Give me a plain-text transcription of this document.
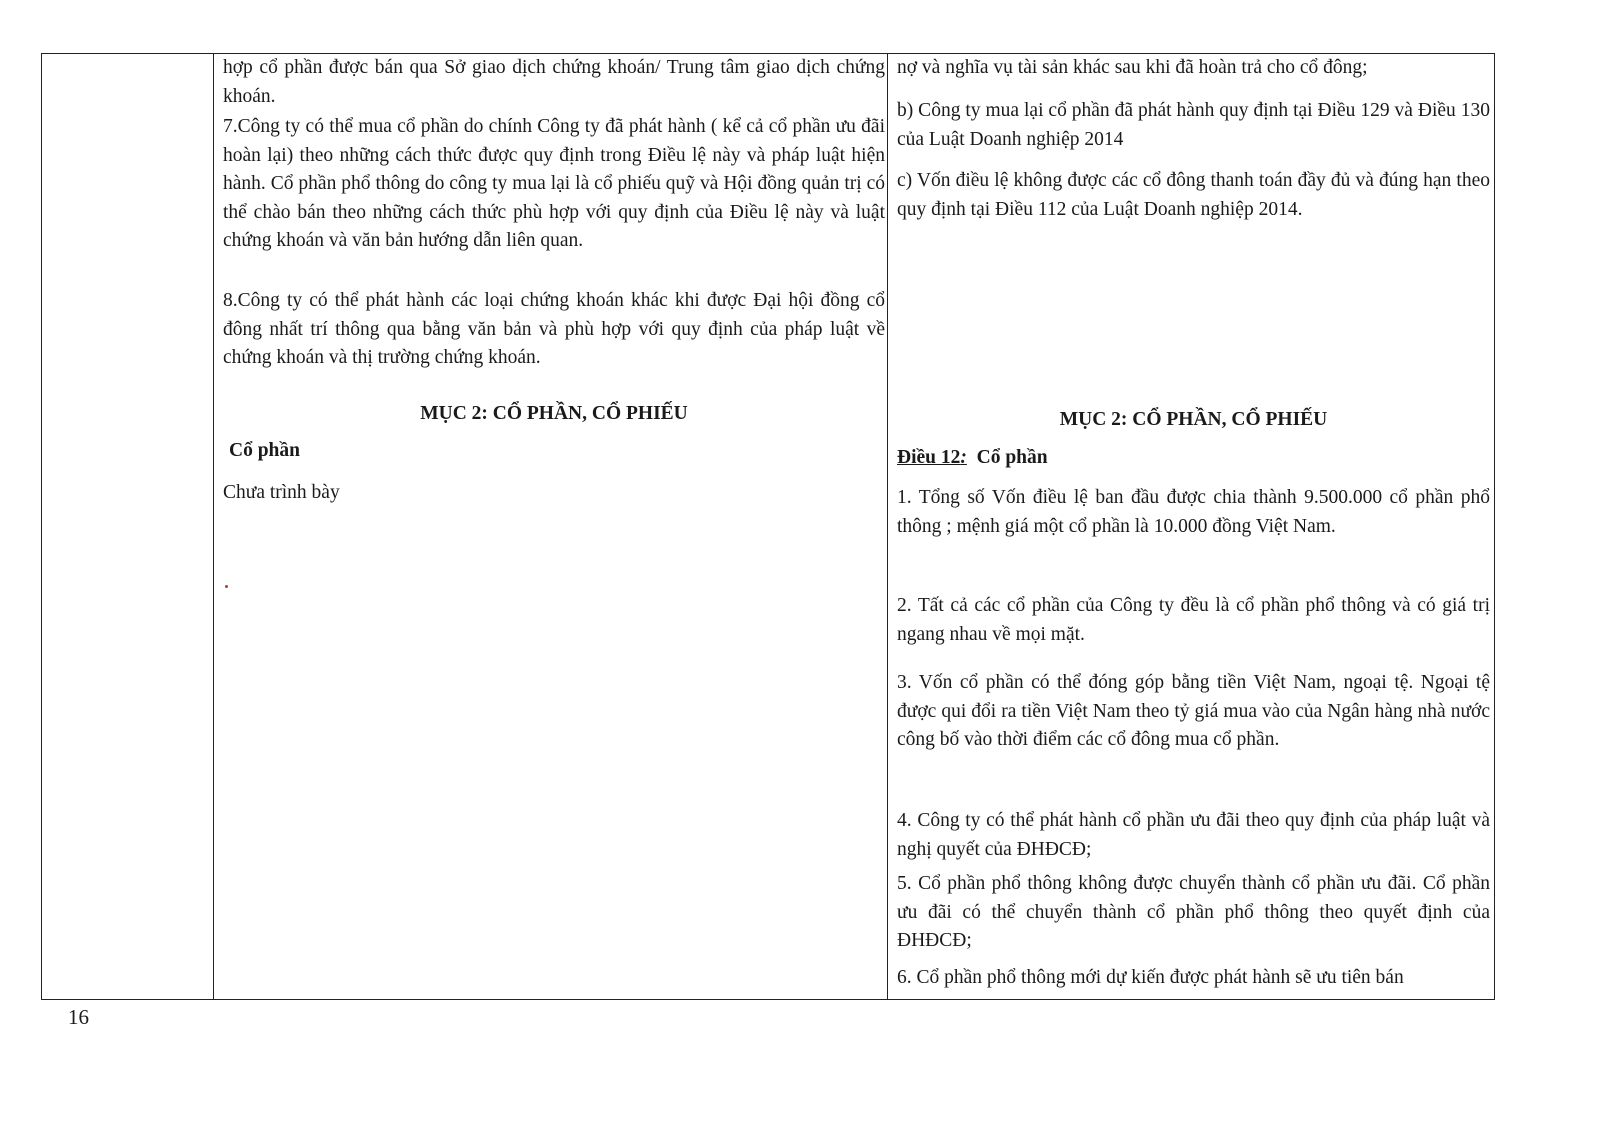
hợp cổ phần được bán qua Sở giao dịch chứng khoán/ Trung tâm giao dịch chứng khoán.
7.Công ty có thể mua cổ phần do chính Công ty đã phát hành ( kể cả cổ phần ưu đãi hoàn lại) theo những cách thức được quy định trong Điều lệ này và pháp luật hiện hành. Cổ phần phổ thông do công ty mua lại là cổ phiếu quỹ và Hội đồng quản trị có thể chào bán theo những cách thức phù hợp với quy định của Điều lệ này và luật chứng khoán và văn bản hướng dẫn liên quan.
8.Công ty có thể phát hành các loại chứng khoán khác khi được Đại hội đồng cổ đông nhất trí thông qua bằng văn bản và phù hợp với quy định của pháp luật về chứng khoán và thị trường chứng khoán.
MỤC 2: CỔ PHẦN, CỔ PHIẾU
Cổ phần
Chưa trình bày
nợ và nghĩa vụ tài sản khác sau khi đã hoàn trả cho cổ đông;
b) Công ty mua lại cổ phần đã phát hành quy định tại Điều 129 và Điều 130 của Luật Doanh nghiệp 2014
c) Vốn điều lệ không được các cổ đông thanh toán đầy đủ và đúng hạn theo quy định tại Điều 112 của Luật Doanh nghiệp 2014.
MỤC 2: CỔ PHẦN, CỔ PHIẾU
Điều 12: Cổ phần
1. Tổng số Vốn điều lệ ban đầu được chia thành 9.500.000 cổ phần phổ thông ; mệnh giá một cổ phần là 10.000 đồng Việt Nam.
2. Tất cả các cổ phần của Công ty đều là cổ phần phổ thông và có giá trị ngang nhau về mọi mặt.
3. Vốn cổ phần có thể đóng góp bằng tiền Việt Nam, ngoại tệ. Ngoại tệ được qui đổi ra tiền Việt Nam theo tỷ giá mua vào của Ngân hàng nhà nước công bố vào thời điểm các cổ đông mua cổ phần.
4. Công ty có thể phát hành cổ phần ưu đãi theo quy định của pháp luật và nghị quyết của ĐHĐCĐ;
5. Cổ phần phổ thông không được chuyển thành cổ phần ưu đãi. Cổ phần ưu đãi có thể chuyển thành cổ phần phổ thông theo quyết định của ĐHĐCĐ;
6. Cổ phần phổ thông mới dự kiến được phát hành sẽ ưu tiên bán
16
